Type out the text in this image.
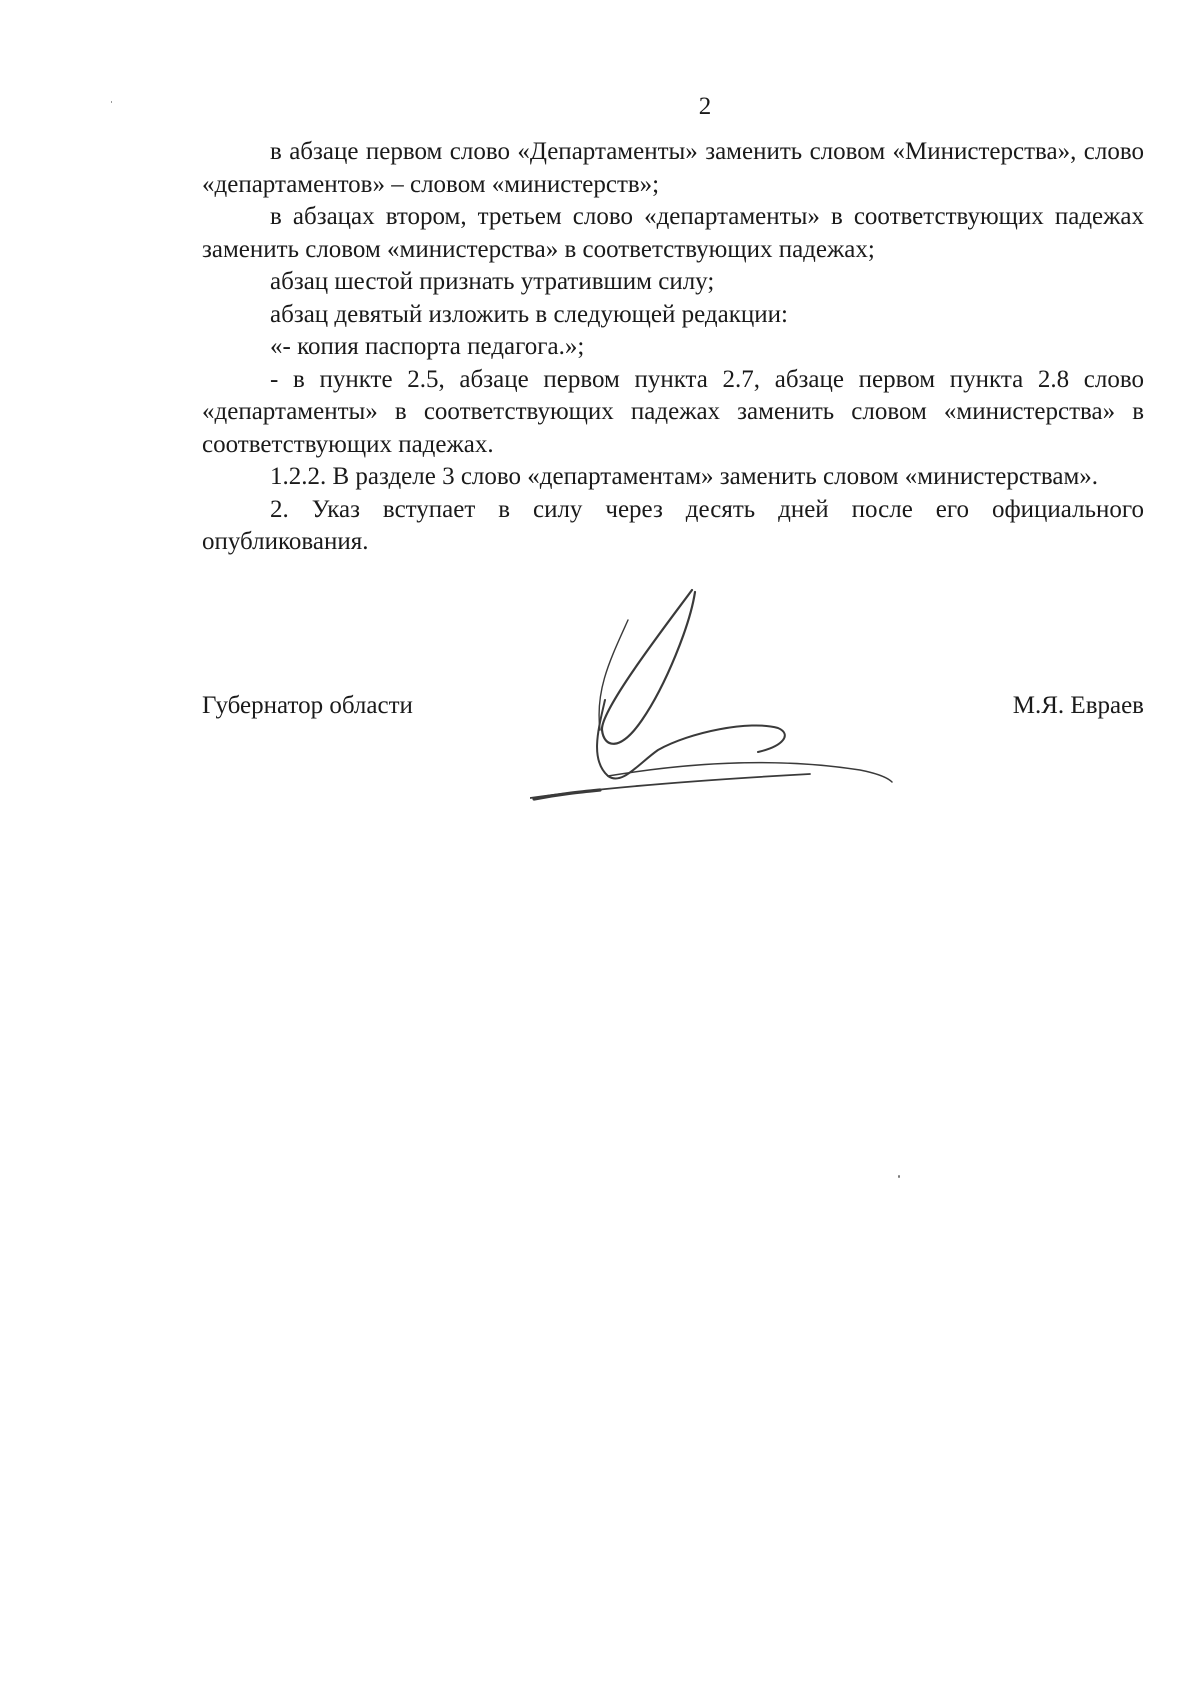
2

в абзаце первом слово «Департаменты» заменить словом «Министерства», слово «департаментов» – словом «министерств»;

в абзацах втором, третьем слово «департаменты» в соответствующих падежах заменить словом «министерства» в соответствующих падежах;

абзац шестой признать утратившим силу;

абзац девятый изложить в следующей редакции:

«- копия паспорта педагога.»;

- в пункте 2.5, абзаце первом пункта 2.7, абзаце первом пункта 2.8 слово «департаменты» в соответствующих падежах заменить словом «министерства» в соответствующих падежах.

1.2.2. В разделе 3 слово «департаментам» заменить словом «министерствам».

2. Указ вступает в силу через десять дней после его официального опубликования.

Губернатор области	М.Я. Евраев
